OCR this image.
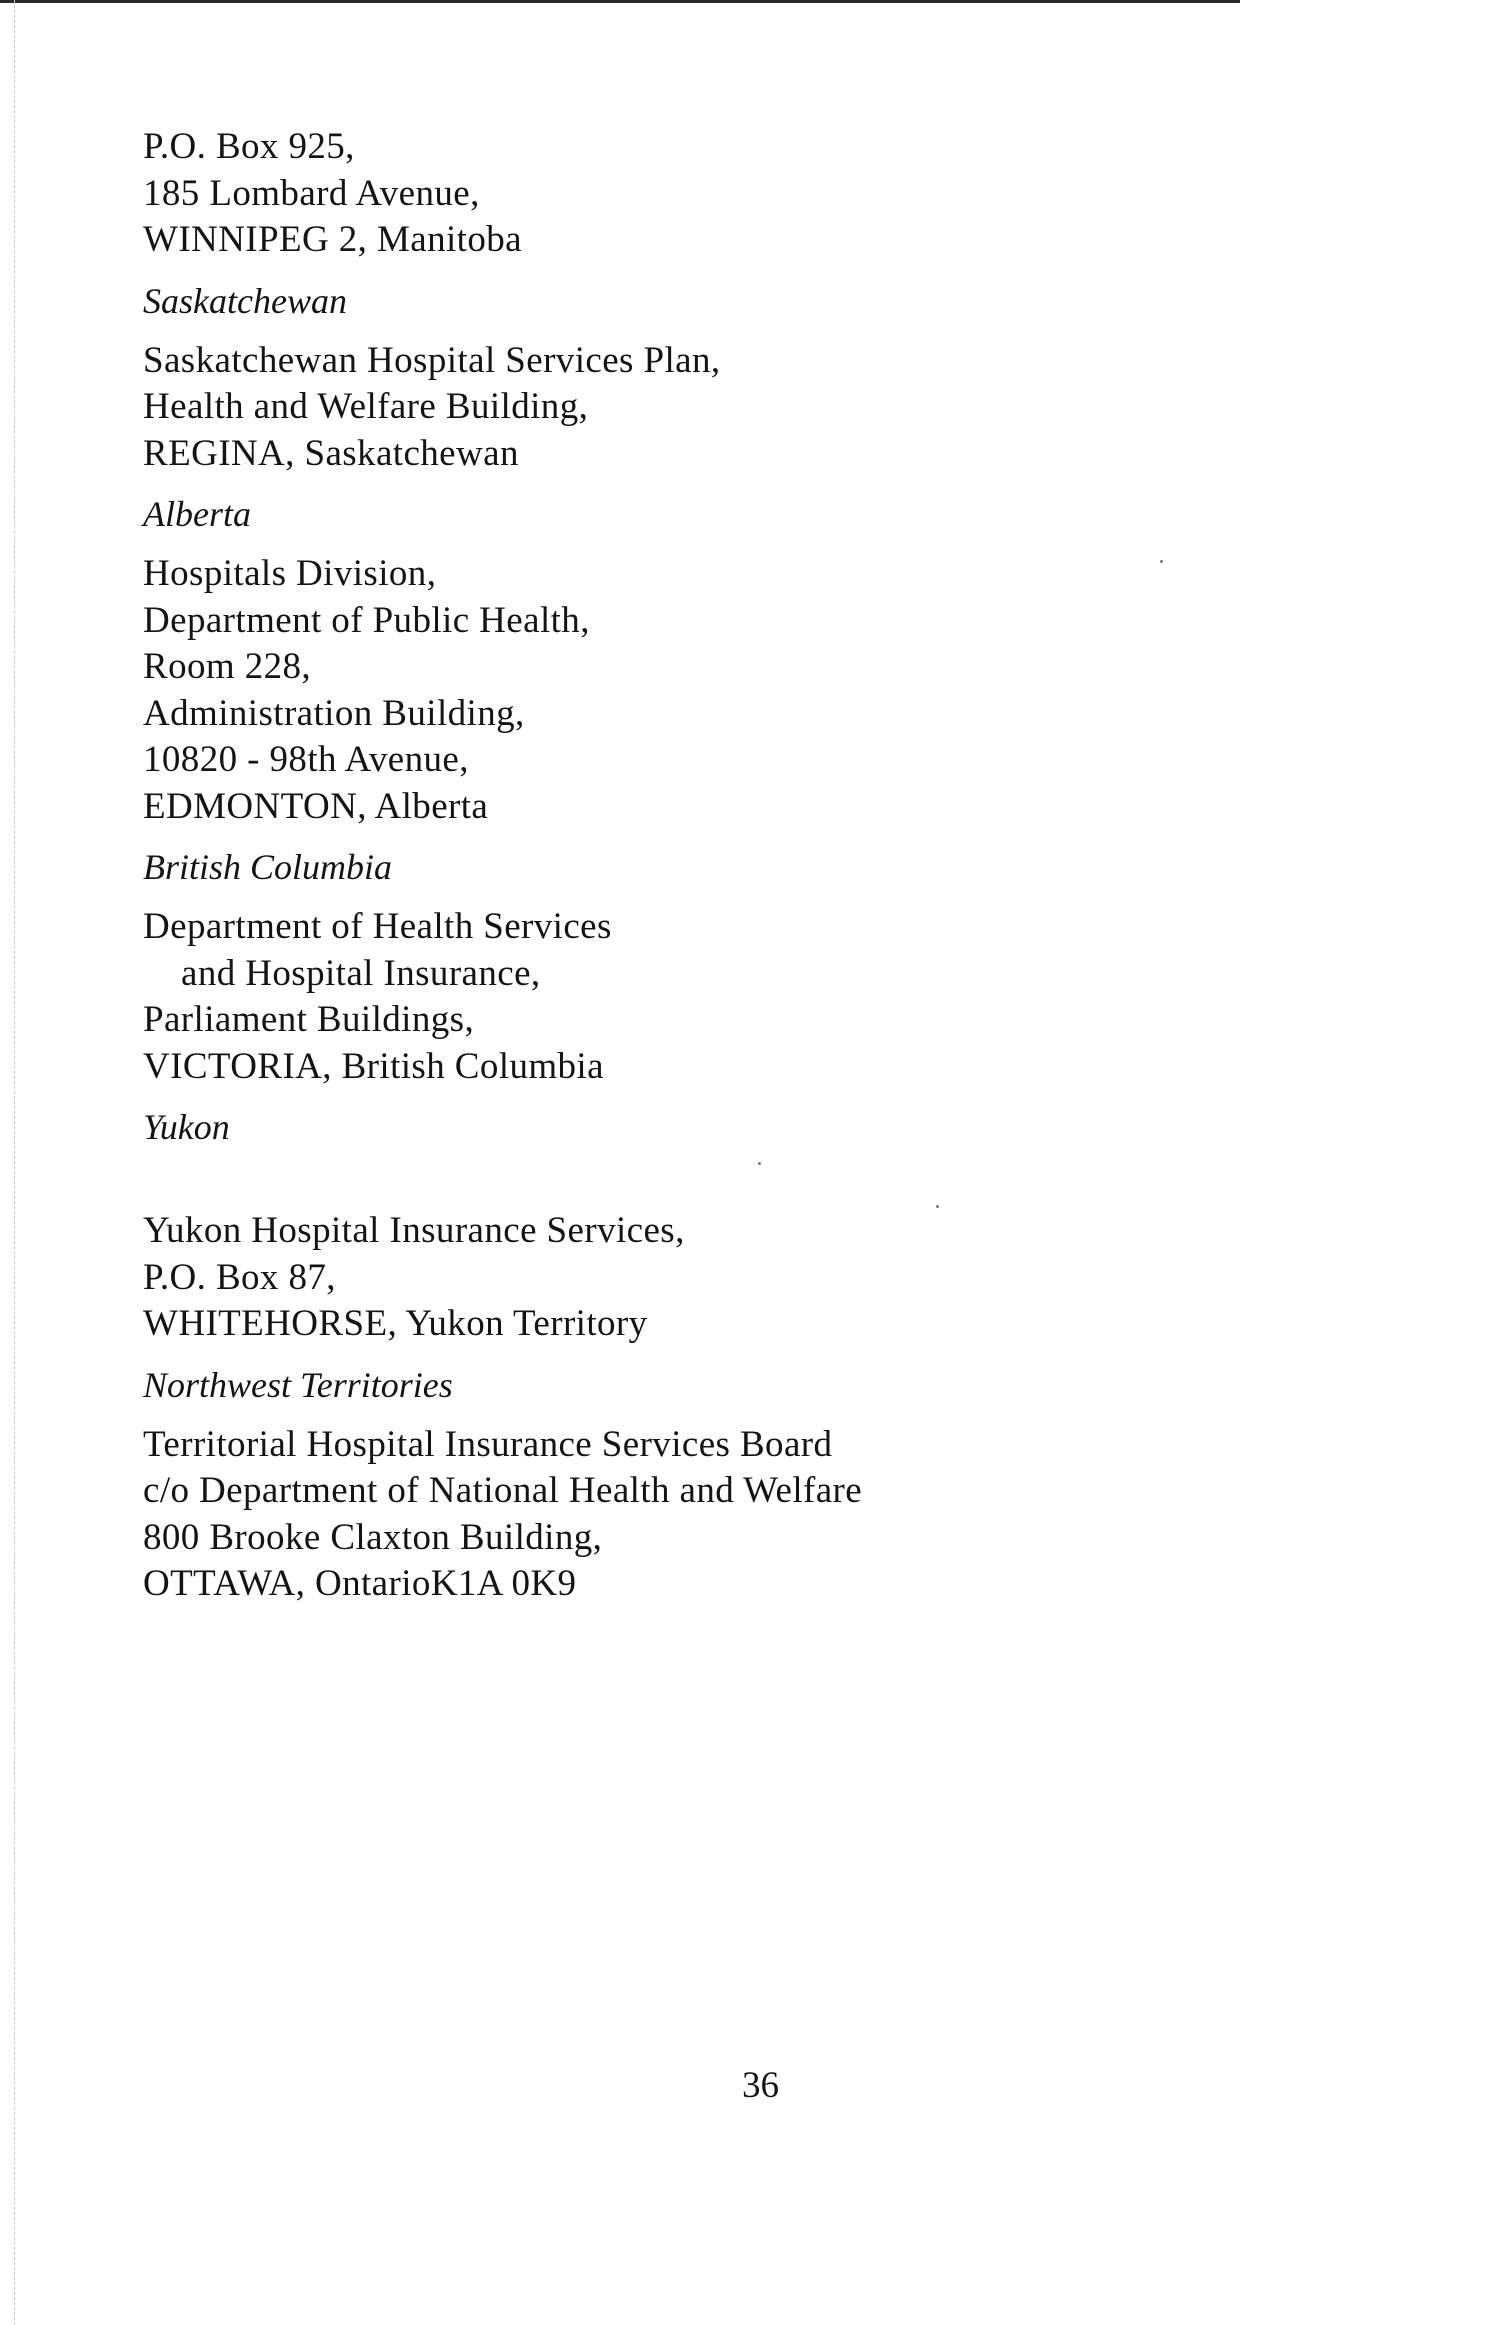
P.O. Box 925,
185 Lombard Avenue,
WINNIPEG 2, Manitoba
Saskatchewan
Saskatchewan Hospital Services Plan,
Health and Welfare Building,
REGINA, Saskatchewan
Alberta
Hospitals Division,
Department of Public Health,
Room 228,
Administration Building,
10820 - 98th Avenue,
EDMONTON, Alberta
British Columbia
Department of Health Services
and Hospital Insurance,
Parliament Buildings,
VICTORIA, British Columbia
Yukon
Yukon Hospital Insurance Services,
P.O. Box 87,
WHITEHORSE, Yukon Territory
Northwest Territories
Territorial Hospital Insurance Services Board
c/o Department of National Health and Welfare
800 Brooke Claxton Building,
OTTAWA, OntarioK1A 0K9
36
